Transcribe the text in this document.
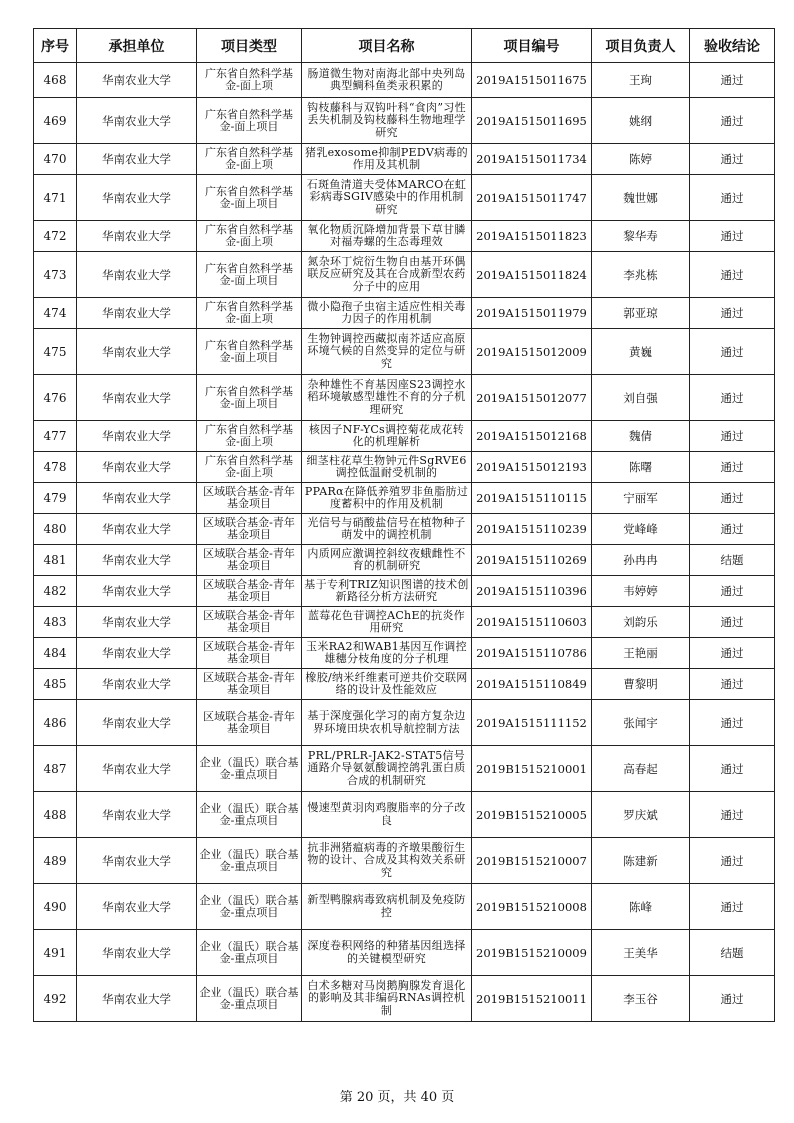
序号	承担单位	项目类型	项目名称	项目编号	项目负责人	验收结论
468	华南农业大学	广东省自然科学基金-面上项	肠道微生物对南海北部中央列岛典型鲷科鱼类汞积累的	2019A1515011675	王珣	通过
469	华南农业大学	广东省自然科学基金-面上项目	钩枝藤科与双钩叶科“食肉”习性丢失机制及钩枝藤科生物地理学研究	2019A1515011695	姚纲	通过
470	华南农业大学	广东省自然科学基金-面上项	猪乳exosome抑制PEDV病毒的作用及其机制	2019A1515011734	陈婷	通过
471	华南农业大学	广东省自然科学基金-面上项目	石斑鱼清道夫受体MARCO在虹彩病毒SGIV感染中的作用机制研究	2019A1515011747	魏世娜	通过
472	华南农业大学	广东省自然科学基金-面上项	氧化物质沉降增加背景下草甘膦对福寿螺的生态毒理效	2019A1515011823	黎华寿	通过
473	华南农业大学	广东省自然科学基金-面上项目	氮杂环丁烷衍生物自由基开环偶联反应研究及其在合成新型农药分子中的应用	2019A1515011824	李兆栋	通过
474	华南农业大学	广东省自然科学基金-面上项	微小隐孢子虫宿主适应性相关毒力因子的作用机制	2019A1515011979	郭亚琼	通过
475	华南农业大学	广东省自然科学基金-面上项目	生物钟调控西藏拟南芥适应高原环境气候的自然变异的定位与研究	2019A1515012009	黄巍	通过
476	华南农业大学	广东省自然科学基金-面上项目	杂种雄性不育基因座S23调控水稻环境敏感型雄性不育的分子机理研究	2019A1515012077	刘自强	通过
477	华南农业大学	广东省自然科学基金-面上项	核因子NF-YCs调控菊花成花转化的机理解析	2019A1515012168	魏倩	通过
478	华南农业大学	广东省自然科学基金-面上项	细茎柱花草生物钟元件SgRVE6调控低温耐受机制的	2019A1515012193	陈曙	通过
479	华南农业大学	区域联合基金-青年基金项目	PPARα在降低养殖罗非鱼脂肪过度蓄积中的作用及机制	2019A1515110115	宁丽军	通过
480	华南农业大学	区域联合基金-青年基金项目	光信号与硝酸盐信号在植物种子萌发中的调控机制	2019A1515110239	党峰峰	通过
481	华南农业大学	区域联合基金-青年基金项目	内质网应激调控斜纹夜蛾雌性不育的机制研究	2019A1515110269	孙冉冉	结题
482	华南农业大学	区域联合基金-青年基金项目	基于专利TRIZ知识图谱的技术创新路径分析方法研究	2019A1515110396	韦婷婷	通过
483	华南农业大学	区域联合基金-青年基金项目	蓝莓花色苷调控AChE的抗炎作用研究	2019A1515110603	刘韵乐	通过
484	华南农业大学	区域联合基金-青年基金项目	玉米RA2和WAB1基因互作调控雄穗分枝角度的分子机理	2019A1515110786	王艳丽	通过
485	华南农业大学	区域联合基金-青年基金项目	橡胶/纳米纤维素可逆共价交联网络的设计及性能效应	2019A1515110849	曹黎明	通过
486	华南农业大学	区域联合基金-青年基金项目	基于深度强化学习的南方复杂边界环境田块农机导航控制方法	2019A1515111152	张闻宇	通过
487	华南农业大学	企业（温氏）联合基金-重点项目	PRL/PRLR-JAK2-STAT5信号通路介导氨氨酸调控鸽乳蛋白质合成的机制研究	2019B1515210001	高春起	通过
488	华南农业大学	企业（温氏）联合基金-重点项目	慢速型黄羽肉鸡腹脂率的分子改良	2019B1515210005	罗庆斌	通过
489	华南农业大学	企业（温氏）联合基金-重点项目	抗非洲猪瘟病毒的齐墩果酸衍生物的设计、合成及其构效关系研究	2019B1515210007	陈建新	通过
490	华南农业大学	企业（温氏）联合基金-重点项目	新型鸭腺病毒致病机制及免疫防控	2019B1515210008	陈峰	通过
491	华南农业大学	企业（温氏）联合基金-重点项目	深度卷积网络的种猪基因组选择的关键模型研究	2019B1515210009	王美华	结题
492	华南农业大学	企业（温氏）联合基金-重点项目	白术多糖对马岗鹅胸腺发育退化的影响及其非编码RNAs调控机制	2019B1515210011	李玉谷	通过
第 20 页，共 40 页
